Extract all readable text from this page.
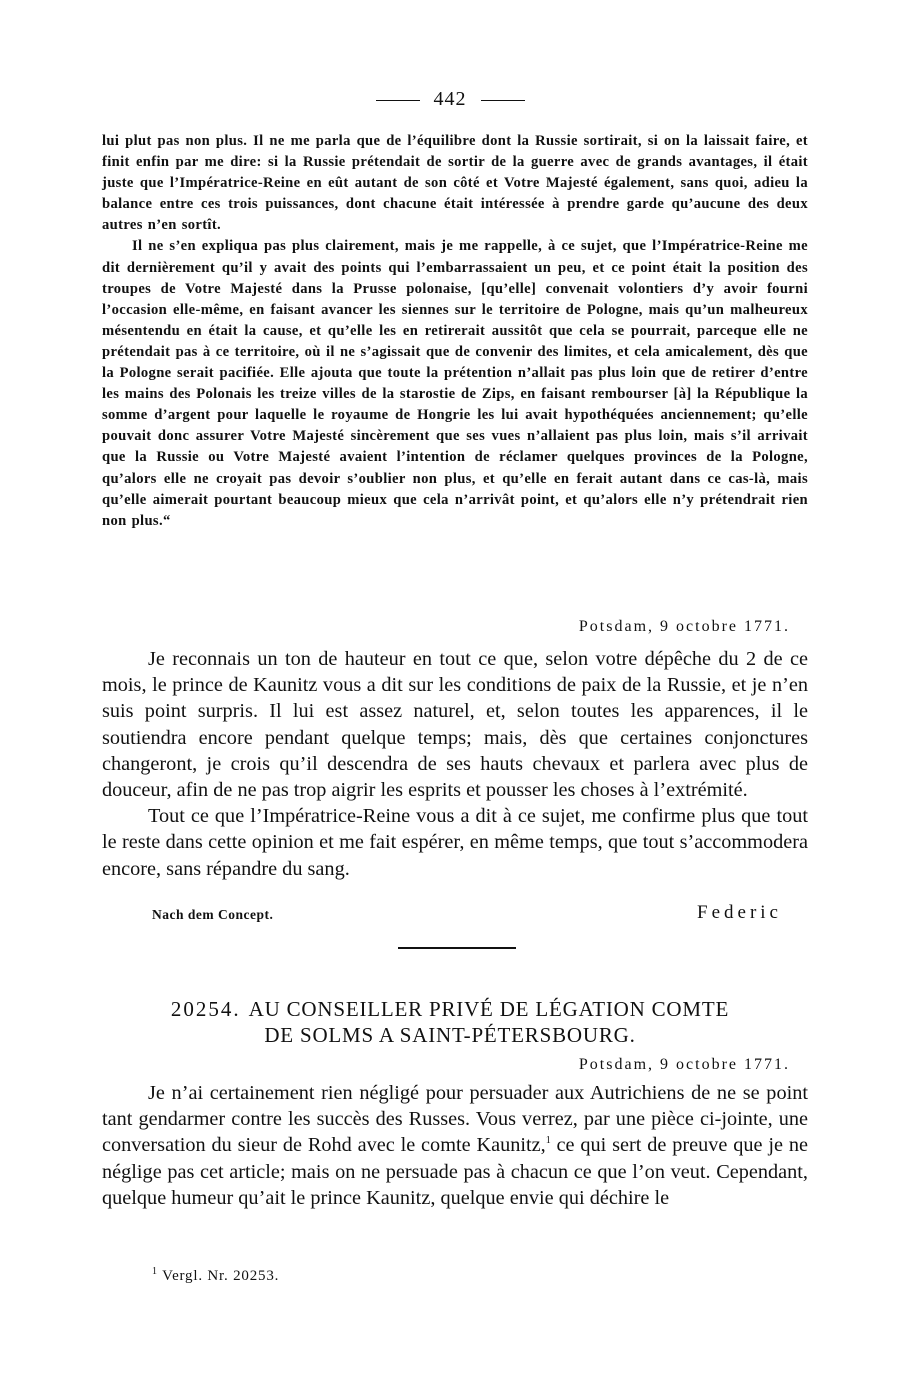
442

lui plut pas non plus. Il ne me parla que de l’équilibre dont la Russie sortirait, si on la laissait faire, et finit enfin par me dire: si la Russie prétendait de sortir de la guerre avec de grands avantages, il était juste que l’Impératrice-Reine en eût autant de son côté et Votre Majesté également, sans quoi, adieu la balance entre ces trois puissances, dont chacune était intéressée à prendre garde qu’aucune des deux autres n’en sortît.

Il ne s’en expliqua pas plus clairement, mais je me rappelle, à ce sujet, que l’Impératrice-Reine me dit dernièrement qu’il y avait des points qui l’embarrassaient un peu, et ce point était la position des troupes de Votre Majesté dans la Prusse polonaise, [qu’elle] convenait volontiers d’y avoir fourni l’occasion elle-même, en faisant avancer les siennes sur le territoire de Pologne, mais qu’un malheureux mésentendu en était la cause, et qu’elle les en retirerait aussitôt que cela se pourrait, parceque elle ne prétendait pas à ce territoire, où il ne s’agissait que de convenir des limites, et cela amicalement, dès que la Pologne serait pacifiée. Elle ajouta que toute la prétention n’allait pas plus loin que de retirer d’entre les mains des Polonais les treize villes de la starostie de Zips, en faisant rembourser [à] la République la somme d’argent pour laquelle le royaume de Hongrie les lui avait hypothéquées anciennement; qu’elle pouvait donc assurer Votre Majesté sincèrement que ses vues n’allaient pas plus loin, mais s’il arrivait que la Russie ou Votre Majesté avaient l’intention de réclamer quelques provinces de la Pologne, qu’alors elle ne croyait pas devoir s’oublier non plus, et qu’elle en ferait autant dans ce cas-là, mais qu’elle aimerait pourtant beaucoup mieux que cela n’arrivât point, et qu’alors elle n’y prétendrait rien non plus.“

Potsdam, 9 octobre 1771.

Je reconnais un ton de hauteur en tout ce que, selon votre dépêche du 2 de ce mois, le prince de Kaunitz vous a dit sur les conditions de paix de la Russie, et je n’en suis point surpris. Il lui est assez naturel, et, selon toutes les apparences, il le soutiendra encore pendant quelque temps; mais, dès que certaines conjonctures changeront, je crois qu’il descendra de ses hauts chevaux et parlera avec plus de douceur, afin de ne pas trop aigrir les esprits et pousser les choses à l’extrémité.

Tout ce que l’Impératrice-Reine vous a dit à ce sujet, me confirme plus que tout le reste dans cette opinion et me fait espérer, en même temps, que tout s’accommodera encore, sans répandre du sang.

Nach dem Concept.	Federic
20254. AU CONSEILLER PRIVÉ DE LÉGATION COMTE
DE SOLMS A SAINT-PÉTERSBOURG.
Potsdam, 9 octobre 1771.

Je n’ai certainement rien négligé pour persuader aux Autrichiens de ne se point tant gendarmer contre les succès des Russes. Vous verrez, par une pièce ci-jointe, une conversation du sieur de Rohd avec le comte Kaunitz,$^1$ ce qui sert de preuve que je ne néglige pas cet article; mais on ne persuade pas à chacun ce que l’on veut. Cependant, quelque humeur qu’ait le prince Kaunitz, quelque envie qui déchire le

$^1$ Vergl. Nr. 20253.
